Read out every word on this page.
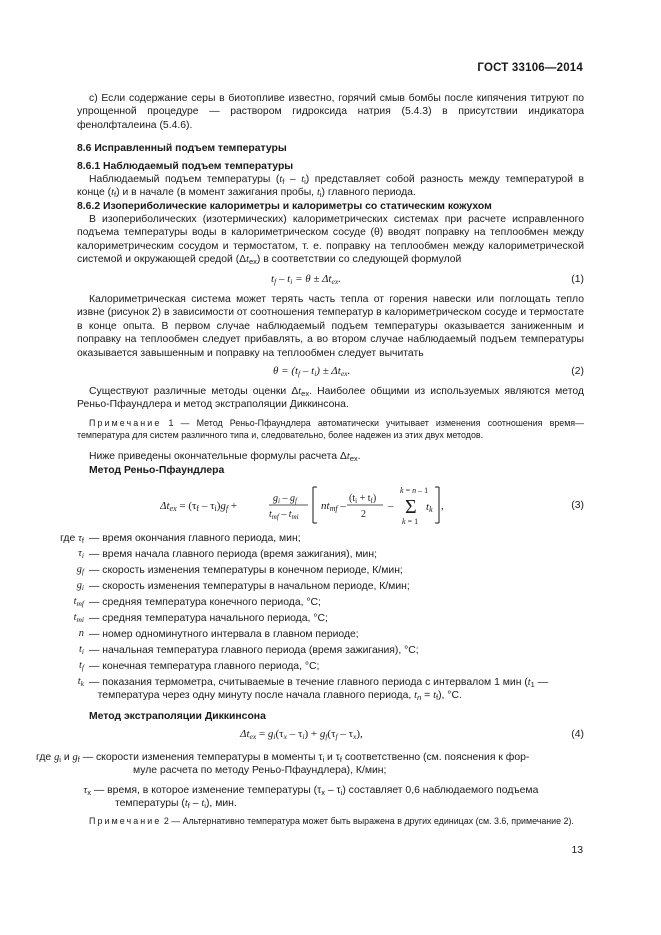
ГОСТ 33106—2014
c) Если содержание серы в биотопливе известно, горячий смыв бомбы после кипячения титруют по упрощенной процедуре — раствором гидроксида натрия (5.4.3) в присутствии индикатора фенолфталеина (5.4.6).
8.6 Исправленный подъем температуры
8.6.1 Наблюдаемый подъем температуры
Наблюдаемый подъем температуры $(t_f - t_i)$ представляет собой разность между температурой в конце $(t_f)$ и в начале (в момент зажигания пробы, $t_i$) главного периода.
8.6.2 Изопериболические калориметры и калориметры со статическим кожухом
В изопериболических (изотермических) калориметрических системах при расчете исправленного подъема температуры воды в калориметрическом сосуде (θ) вводят поправку на теплообмен между калориметрическим сосудом и термостатом, т. е. поправку на теплообмен между калориметрической системой и окружающей средой $(\Delta t_{ex})$ в соответствии со следующей формулой
$t_f - t_i = \theta \pm \Delta t_{ex}$.	(1)
Калориметрическая система может терять часть тепла от горения навески или поглощать тепло извне (рисунок 2) в зависимости от соотношения температур в калориметрическом сосуде и термостате в конце опыта. В первом случае наблюдаемый подъем температуры оказывается заниженным и поправку на теплообмен следует прибавлять, а во втором случае наблюдаемый подъем температуры оказывается завышенным и поправку на теплообмен следует вычитать
$\theta = (t_f - t_i) \pm \Delta t_{ex}$.	(2)
Существуют различные методы оценки $\Delta t_{ex}$. Наиболее общими из используемых являются метод Реньо-Пфаундлера и метод экстраполяции Диккинсона.
Примечание 1 — Метод Реньо-Пфаундлера автоматически учитывает изменения соотношения время—температура для систем различного типа и, следовательно, более надежен из этих двух методов.
Ниже приведены окончательные формулы расчета $\Delta t_{ex}$.
Метод Реньо-Пфаундлера
Δtex = (τf – τi)gf +
$g_i - g_f$
$t_{mf} - t_{mi}$
ntmf –
$(t_i + t_f)$
2
–
k = n – 1
Σ
k = 1
tk ,	(3)
где $\tau_f$ — время окончания главного периода, мин;
$\tau_i$ — время начала главного периода (время зажигания), мин;
$g_f$ — скорость изменения температуры в конечном периоде, К/мин;
$g_i$ — скорость изменения температуры в начальном периоде, К/мин;
$t_{mf}$ — средняя температура конечного периода, °С;
$t_{mi}$ — средняя температура начального периода, °С;
n — номер одноминутного интервала в главном периоде;
$t_i$ — начальная температура главного периода (время зажигания), °С;
$t_f$ — конечная температура главного периода, °С;
$t_k$ — показания термометра, считываемые в течение главного периода с интервалом 1 мин ($t_1$ —
температура через одну минуту после начала главного периода, $t_n = t_f$), °С.
Метод экстраполяции Диккинсона
$\Delta t_{ex} = g_i(\tau_x - \tau_i) + g_f(\tau_f - \tau_x)$,	(4)
где $g_i$ и $g_f$ — скорости изменения температуры в моменты $\tau_i$ и $\tau_f$ соответственно (см. пояснения к фор-
муле расчета по методу Реньо-Пфаундлера), К/мин;
$\tau_x$ — время, в которое изменение температуры $(\tau_x - \tau_i)$ составляет 0,6 наблюдаемого подъема
температуры $(t_f - t_i)$, мин.
Примечание 2 — Альтернативно температура может быть выражена в других единицах (см. 3.6, примечание 2).
13
